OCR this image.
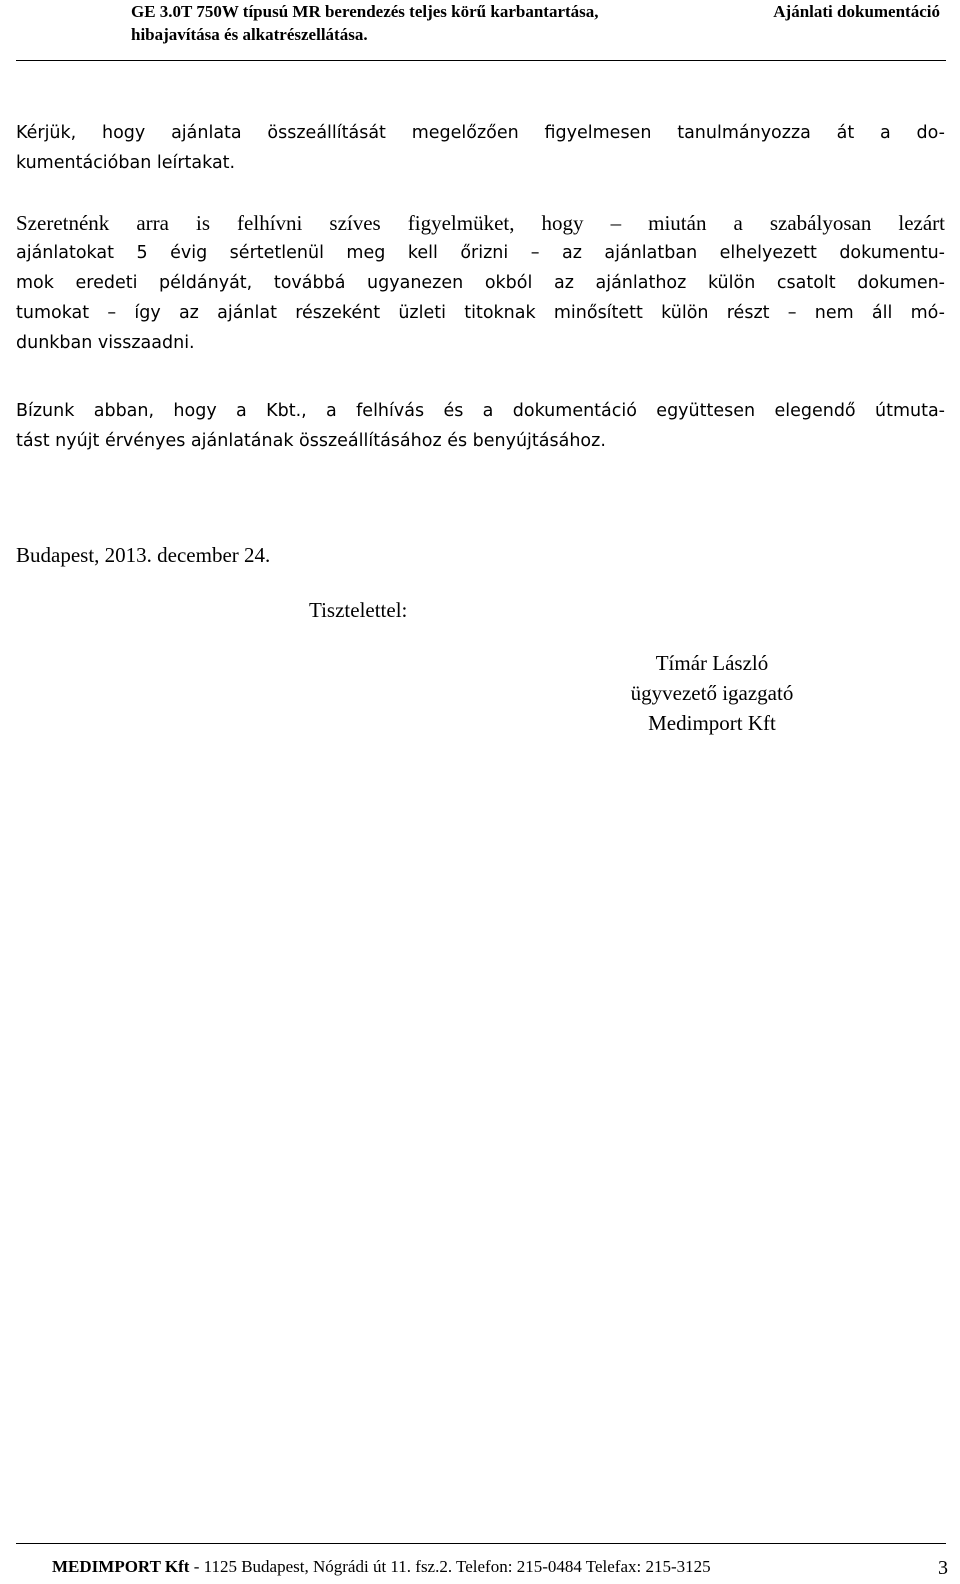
GE 3.0T 750W típusú MR berendezés teljes körű karbantartása,
hibajavítása és alkatrészellátása.
Ajánlati dokumentáció
Kérjük, hogy ajánlata összeállítását megelőzően figyelmesen tanulmányozza át a do-
kumentációban leírtakat.
Szeretnénk arra is felhívni szíves figyelmüket, hogy – miután a szabályosan lezárt
ajánlatokat 5 évig sértetlenül meg kell őrizni – az ajánlatban elhelyezett dokumentu-
mok eredeti példányát, továbbá ugyanezen okból az ajánlathoz külön csatolt dokumen-
tumokat – így az ajánlat részeként üzleti titoknak minősített külön részt – nem áll mó-
dunkban visszaadni.
Bízunk abban, hogy a Kbt., a felhívás és a dokumentáció együttesen elegendő útmuta-
tást nyújt érvényes ajánlatának összeállításához és benyújtásához.
Budapest, 2013. december 24.
Tisztelettel:
Tímár László
ügyvezető igazgató
Medimport Kft
MEDIMPORT Kft - 1125 Budapest, Nógrádi út 11. fsz.2. Telefon: 215-0484 Telefax: 215-3125	3
